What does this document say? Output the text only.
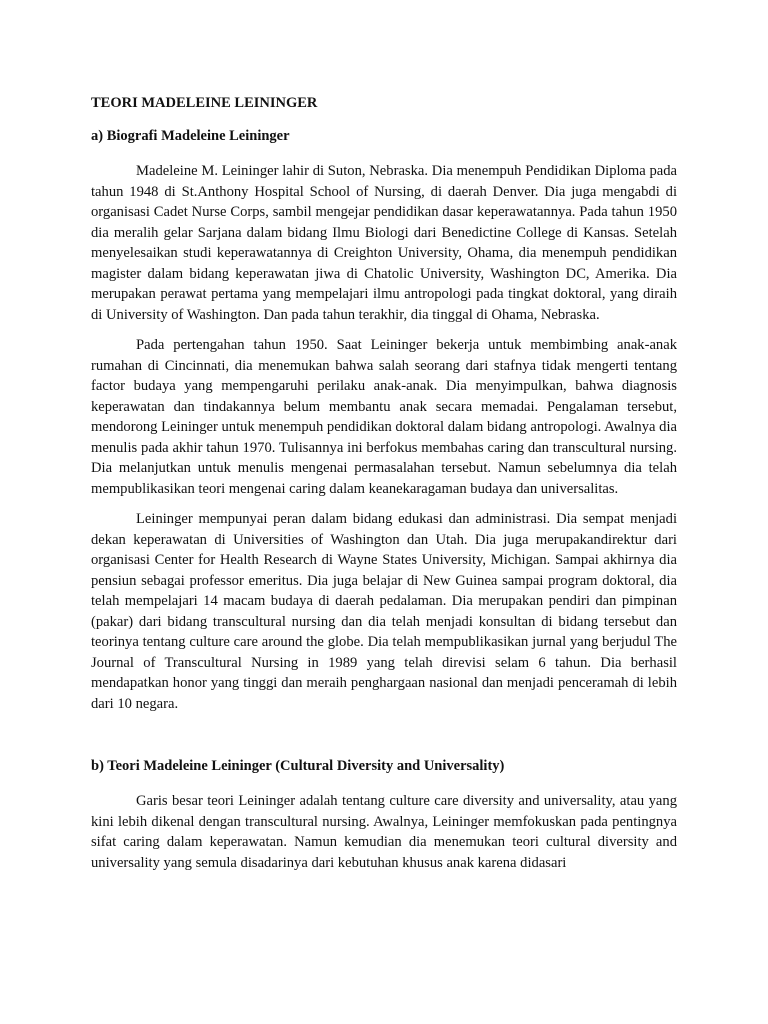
TEORI MADELEINE LEININGER
a) Biografi Madeleine Leininger

Madeleine M. Leininger lahir di Suton, Nebraska. Dia menempuh Pendidikan Diploma pada tahun 1948 di St.Anthony Hospital School of Nursing, di daerah Denver. Dia juga mengabdi di organisasi Cadet Nurse Corps, sambil mengejar pendidikan dasar keperawatannya. Pada tahun 1950 dia meralih gelar Sarjana dalam bidang Ilmu Biologi dari Benedictine College di Kansas. Setelah menyelesaikan studi keperawatannya di Creighton University, Ohama, dia menempuh pendidikan magister dalam bidang keperawatan jiwa di Chatolic University, Washington DC, Amerika. Dia merupakan perawat pertama yang mempelajari ilmu antropologi pada tingkat doktoral, yang diraih di University of Washington. Dan pada tahun terakhir, dia tinggal di Ohama, Nebraska.

Pada pertengahan tahun 1950. Saat Leininger bekerja untuk membimbing anak-anak rumahan di Cincinnati, dia menemukan bahwa salah seorang dari stafnya tidak mengerti tentang factor budaya yang mempengaruhi perilaku anak-anak. Dia menyimpulkan, bahwa diagnosis keperawatan dan tindakannya belum membantu anak secara memadai. Pengalaman tersebut, mendorong Leininger untuk menempuh pendidikan doktoral dalam bidang antropologi. Awalnya dia menulis pada akhir tahun 1970. Tulisannya ini berfokus membahas caring dan transcultural nursing. Dia melanjutkan untuk menulis mengenai permasalahan tersebut. Namun sebelumnya dia telah mempublikasikan teori mengenai caring dalam keanekaragaman budaya dan universalitas.

Leininger mempunyai peran dalam bidang edukasi dan administrasi. Dia sempat menjadi dekan keperawatan di Universities of Washington dan Utah. Dia juga merupakandirektur dari organisasi Center for Health Research di Wayne States University, Michigan. Sampai akhirnya dia pensiun sebagai professor emeritus. Dia juga belajar di New Guinea sampai program doktoral, dia telah mempelajari 14 macam budaya di daerah pedalaman. Dia merupakan pendiri dan pimpinan (pakar) dari bidang transcultural nursing dan dia telah menjadi konsultan di bidang tersebut dan teorinya tentang culture care around the globe. Dia telah mempublikasikan jurnal yang berjudul The Journal of Transcultural Nursing in 1989 yang telah direvisi selam 6 tahun. Dia berhasil mendapatkan honor yang tinggi dan meraih penghargaan nasional dan menjadi penceramah di lebih dari 10 negara.

b) Teori Madeleine Leininger (Cultural Diversity and Universality)

Garis besar teori Leininger adalah tentang culture care diversity and universality, atau yang kini lebih dikenal dengan transcultural nursing. Awalnya, Leininger memfokuskan pada pentingnya sifat caring dalam keperawatan. Namun kemudian dia menemukan teori cultural diversity and universality yang semula disadarinya dari kebutuhan khusus anak karena didasari
